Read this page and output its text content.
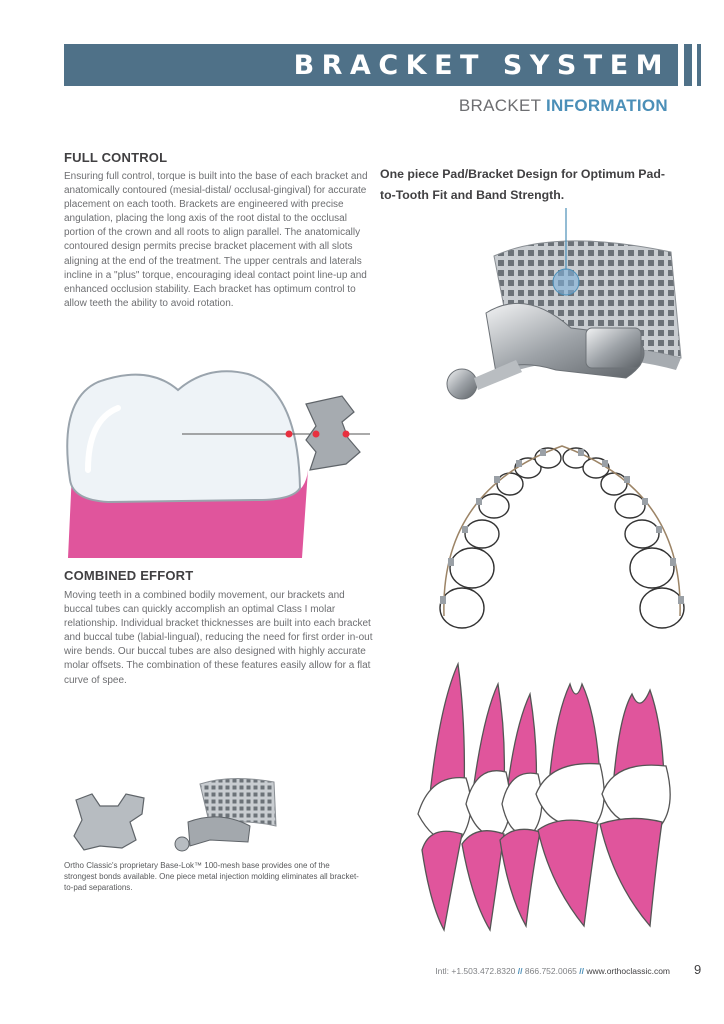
BRACKET SYSTEM
BRACKET INFORMATION
FULL CONTROL

Ensuring full control, torque is built into the base of each bracket and anatomically contoured (mesial-distal/ occlusal-gingival) for accurate placement on each tooth. Brackets are engineered with precise angulation, placing the long axis of the root distal to the occlusal portion of the crown and all roots to align parallel. The anatomically contoured design permits precise bracket placement with all slots aligning at the end of the treatment. The upper centrals and laterals incline in a "plus" torque, encouraging ideal contact point line-up and enhanced occlusion stability. Each bracket has optimum control to allow teeth the ability to avoid rotation.

One piece Pad/Bracket Design for Optimum Pad-to-Tooth Fit and Band Strength.
COMBINED EFFORT

Moving teeth in a combined bodily movement, our brackets and buccal tubes can quickly accomplish an optimal Class I molar relationship. Individual bracket thicknesses are built into each bracket and buccal tube (labial-lingual), reducing the need for first order in-out wire bends. Our buccal tubes are also designed with highly accurate molar offsets. The combination of these features easily allow for a flat curve of spee.

Ortho Classic's proprietary Base-Lok™ 100-mesh base provides one of the strongest bonds available. One piece metal injection molding eliminates all bracket-to-pad separations.

Intl: +1.503.472.8320 // 866.752.0065 // www.orthoclassic.com 9
